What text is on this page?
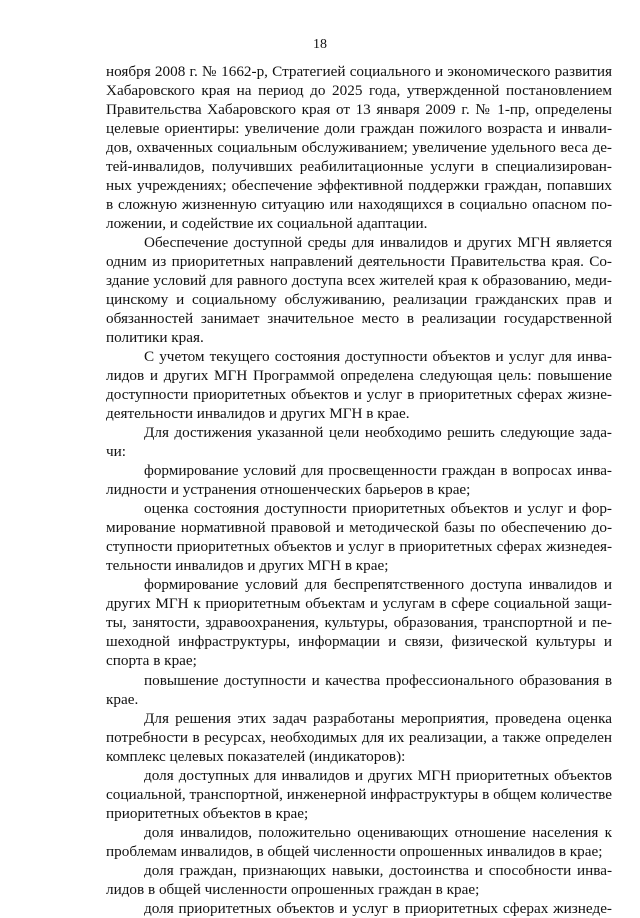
18
ноября 2008 г. № 1662-р, Стратегией социального и экономического развития
Хабаровского края на период до 2025 года, утвержденной постановлением
Правительства Хабаровского края от 13 января 2009 г. № 1-пр, определены
целевые ориентиры: увеличение доли граждан пожилого возраста и инвали-
дов, охваченных социальным обслуживанием; увеличение удельного веса де-
тей-инвалидов, получивших реабилитационные услуги в специализирован-
ных учреждениях; обеспечение эффективной поддержки граждан, попавших
в сложную жизненную ситуацию или находящихся в социально опасном по-
ложении, и содействие их социальной адаптации.
Обеспечение доступной среды для инвалидов и других МГН является
одним из приоритетных направлений деятельности Правительства края. Со-
здание условий для равного доступа всех жителей края к образованию, меди-
цинскому и социальному обслуживанию, реализации гражданских прав и
обязанностей занимает значительное место в реализации государственной
политики края.
С учетом текущего состояния доступности объектов и услуг для инва-
лидов и других МГН Программой определена следующая цель: повышение
доступности приоритетных объектов и услуг в приоритетных сферах жизне-
деятельности инвалидов и других МГН в крае.
Для достижения указанной цели необходимо решить следующие зада-
чи:
формирование условий для просвещенности граждан в вопросах инва-
лидности и устранения отношенческих барьеров в крае;
оценка состояния доступности приоритетных объектов и услуг и фор-
мирование нормативной правовой и методической базы по обеспечению до-
ступности приоритетных объектов и услуг в приоритетных сферах жизнедея-
тельности инвалидов и других МГН в крае;
формирование условий для беспрепятственного доступа инвалидов и
других МГН к приоритетным объектам и услугам в сфере социальной защи-
ты, занятости, здравоохранения, культуры, образования, транспортной и пе-
шеходной инфраструктуры, информации и связи, физической культуры и
спорта в крае;
повышение доступности и качества профессионального образования в
крае.
Для решения этих задач разработаны мероприятия, проведена оценка
потребности в ресурсах, необходимых для их реализации, а также определен
комплекс целевых показателей (индикаторов):
доля доступных для инвалидов и других МГН приоритетных объектов
социальной, транспортной, инженерной инфраструктуры в общем количестве
приоритетных объектов в крае;
доля инвалидов, положительно оценивающих отношение населения к
проблемам инвалидов, в общей численности опрошенных инвалидов в крае;
доля граждан, признающих навыки, достоинства и способности инва-
лидов в общей численности опрошенных граждан в крае;
доля приоритетных объектов и услуг в приоритетных сферах жизнеде-
